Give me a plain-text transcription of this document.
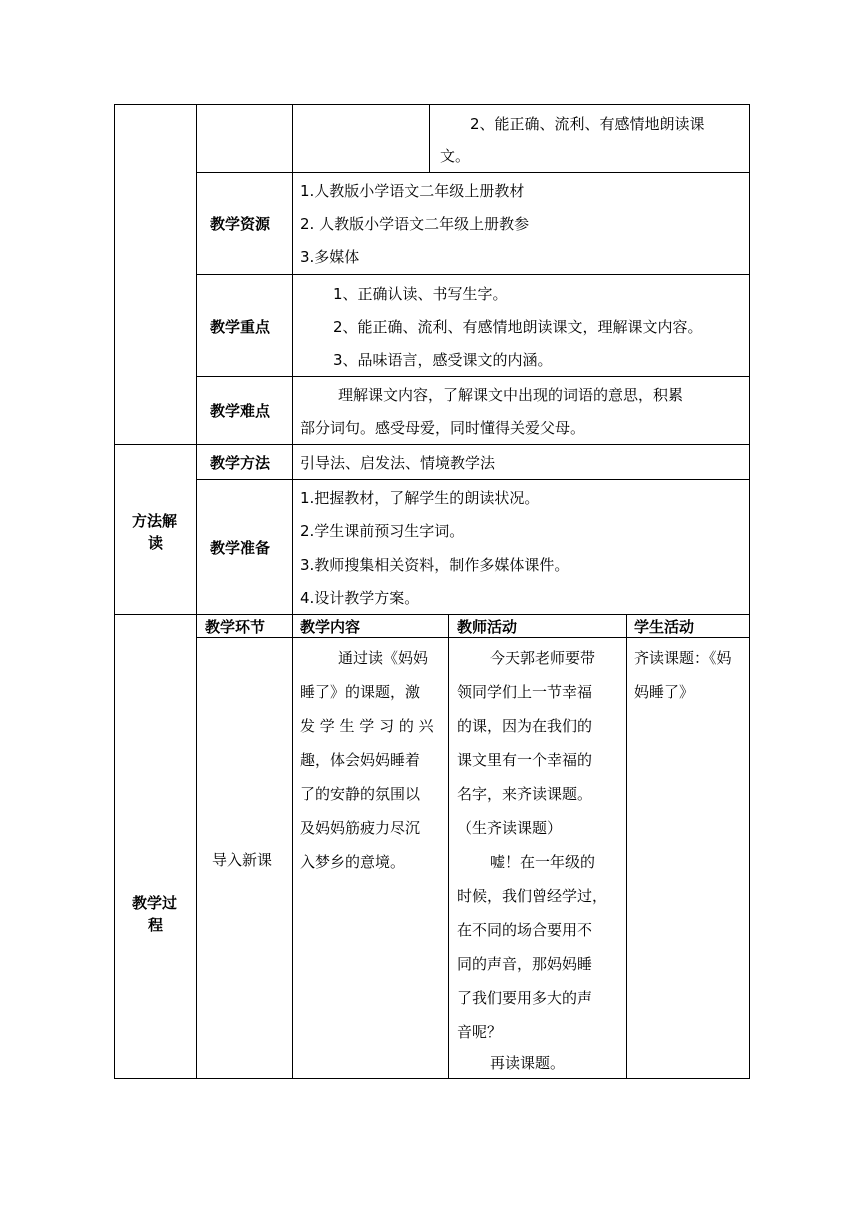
2、能正确、流利、有感情地朗读课
文。
教学资源
1.人教版小学语文二年级上册教材
2. 人教版小学语文二年级上册教参
3.多媒体
教学重点
1、正确认读、书写生字。
2、能正确、流利、有感情地朗读课文，理解课文内容。
3、品味语言，感受课文的内涵。
教学难点
理解课文内容，了解课文中出现的词语的意思，积累
部分词句。感受母爱，同时懂得关爱父母。
方法解
读
教学方法 引导法、启发法、情境教学法
教学准备
1.把握教材，了解学生的朗读状况。
2.学生课前预习生字词。
3.教师搜集相关资料，制作多媒体课件。
4.设计教学方案。
教学过
程
教学环节 教学内容	教师活动	学生活动
导入新课
通过读《妈妈
睡了》的课题，激
发 学 生 学 习 的 兴
趣，体会妈妈睡着
了的安静的氛围以
及妈妈筋疲力尽沉
入梦乡的意境。
今天郭老师要带
领同学们上一节幸福
的课，因为在我们的
课文里有一个幸福的
名字，来齐读课题。
（生齐读课题）
嘘！在一年级的
时候，我们曾经学过，
在不同的场合要用不
同的声音，那妈妈睡
了我们要用多大的声
音呢？
再读课题。
齐读课题：《妈
妈睡了》
